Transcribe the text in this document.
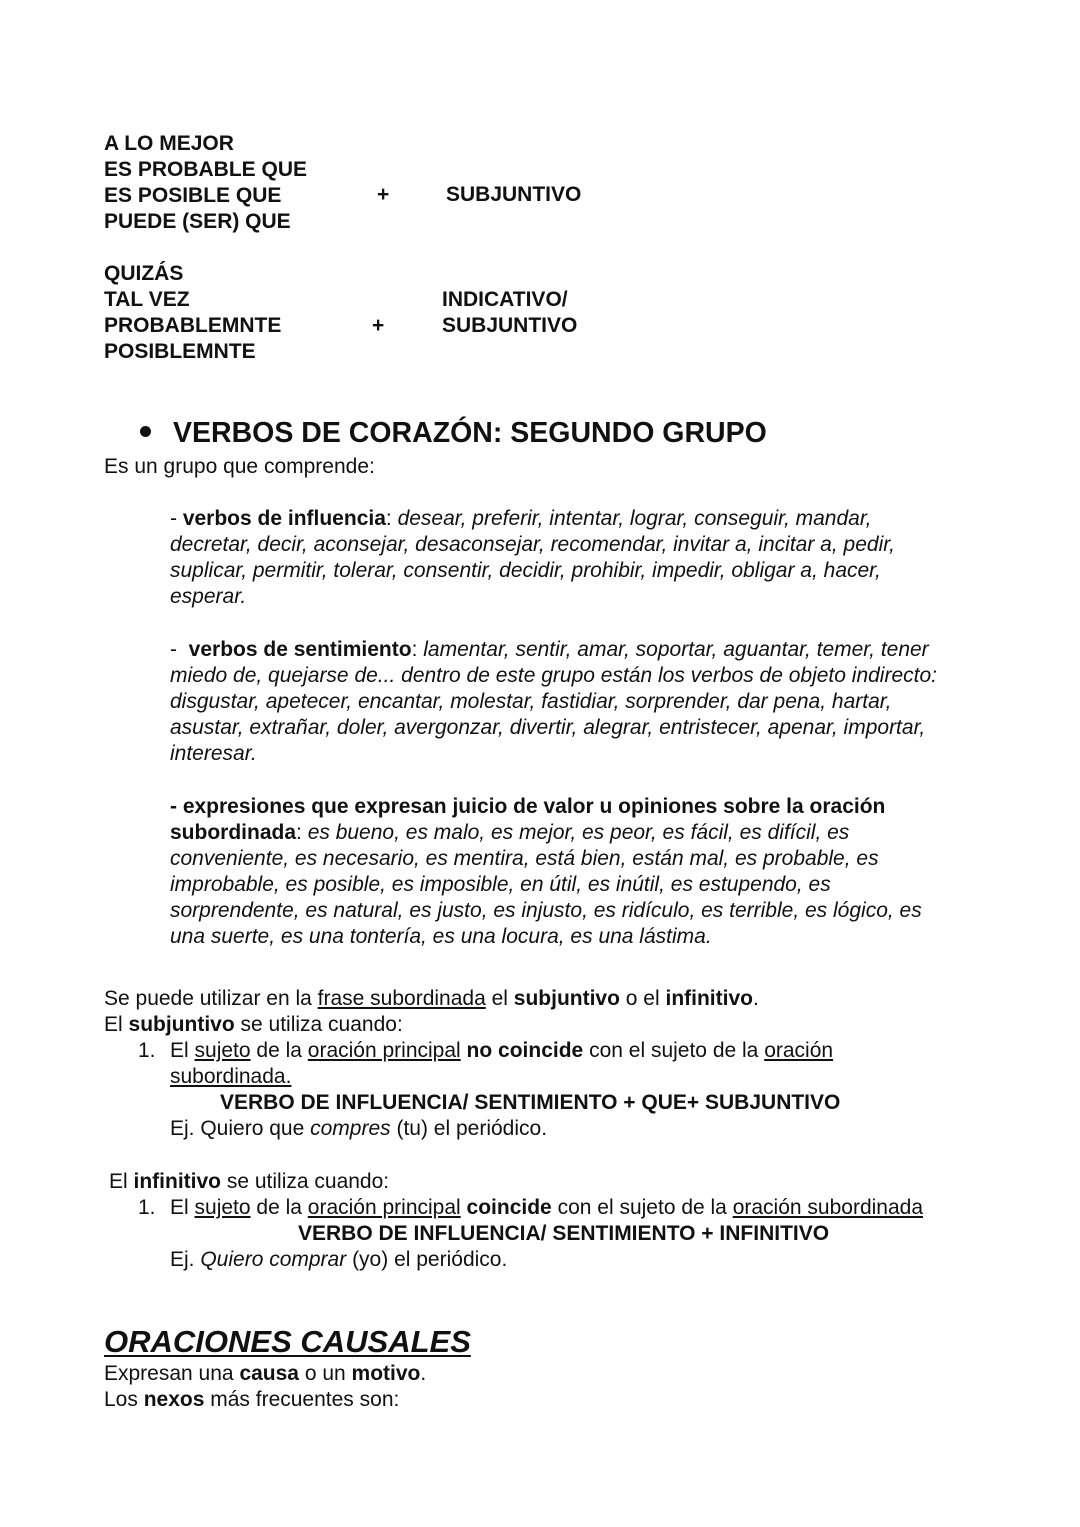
A LO MEJOR
ES PROBABLE QUE
ES POSIBLE QUE
PUEDE (SER) QUE
+	SUBJUNTIVO
QUIZÁS
TAL VEZ
PROBABLEMNTE
POSIBLEMNTE
+
INDICATIVO/
SUBJUNTIVO
VERBOS DE CORAZÓN: SEGUNDO GRUPO
Es un grupo que comprende:
- verbos de influencia: desear, preferir, intentar, lograr, conseguir, mandar,
decretar, decir, aconsejar, desaconsejar, recomendar, invitar a, incitar a, pedir,
suplicar, permitir, tolerar, consentir, decidir, prohibir, impedir, obligar a, hacer,
esperar.
-  verbos de sentimiento: lamentar, sentir, amar, soportar, aguantar, temer, tener
miedo de, quejarse de... dentro de este grupo están los verbos de objeto indirecto:
disgustar, apetecer, encantar, molestar, fastidiar, sorprender, dar pena, hartar,
asustar, extrañar, doler, avergonzar, divertir, alegrar, entristecer, apenar, importar,
interesar.
- expresiones que expresan juicio de valor u opiniones sobre la oración
subordinada: es bueno, es malo, es mejor, es peor, es fácil, es difícil, es
conveniente, es necesario, es mentira, está bien, están mal, es probable, es
improbable, es posible, es imposible, en útil, es inútil, es estupendo, es
sorprendente, es natural, es justo, es injusto, es ridículo, es terrible, es lógico, es
una suerte, es una tontería, es una locura, es una lástima.
Se puede utilizar en la frase subordinada el subjuntivo o el infinitivo.
El subjuntivo se utiliza cuando:
1. El sujeto de la oración principal no coincide con el sujeto de la oración
subordinada.
VERBO DE INFLUENCIA/ SENTIMIENTO + QUE+ SUBJUNTIVO
Ej. Quiero que compres (tu) el periódico.
El infinitivo se utiliza cuando:
1. El sujeto de la oración principal coincide con el sujeto de la oración subordinada
VERBO DE INFLUENCIA/ SENTIMIENTO + INFINITIVO
Ej. Quiero comprar (yo) el periódico.
ORACIONES CAUSALES
Expresan una causa o un motivo.
Los nexos más frecuentes son:
